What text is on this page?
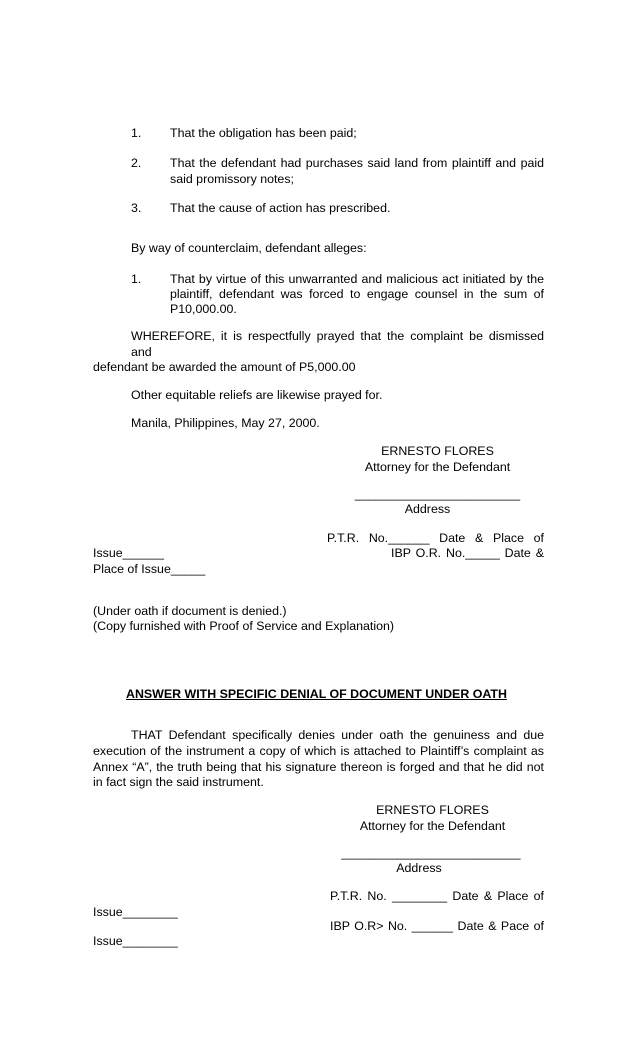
1. That the obligation has been paid;
2. That the defendant had purchases said land from plaintiff and paid
said promissory notes;
3. That the cause of action has prescribed.
By way of counterclaim, defendant alleges:
1. That by virtue of this unwarranted and malicious act initiated by the
plaintiff, defendant was forced to engage counsel in the sum of
P10,000.00.
WHEREFORE, it is respectfully prayed that the complaint be dismissed
and
defendant be awarded the amount of P5,000.00
Other equitable reliefs are likewise prayed for.
Manila, Philippines, May 27, 2000.
ERNESTO FLORES
Attorney for the Defendant
________________________
Address
P.T.R. No.______ Date & Place of
Issue______	IBP O.R. No._____ Date &
Place of Issue_____
(Under oath if document is denied.)
(Copy furnished with Proof of Service and Explanation)
ANSWER WITH SPECIFIC DENIAL OF DOCUMENT UNDER OATH
THAT Defendant specifically denies under oath the genuiness and due
execution of the instrument a copy of which is attached to Plaintiff’s complaint as
Annex “A”, the truth being that his signature thereon is forged and that he did not
in fact sign the said instrument.
ERNESTO FLORES
Attorney for the Defendant
__________________________
Address
P.T.R. No. ________ Date & Place of
Issue________
IBP O.R> No. ______ Date & Pace of
Issue________
